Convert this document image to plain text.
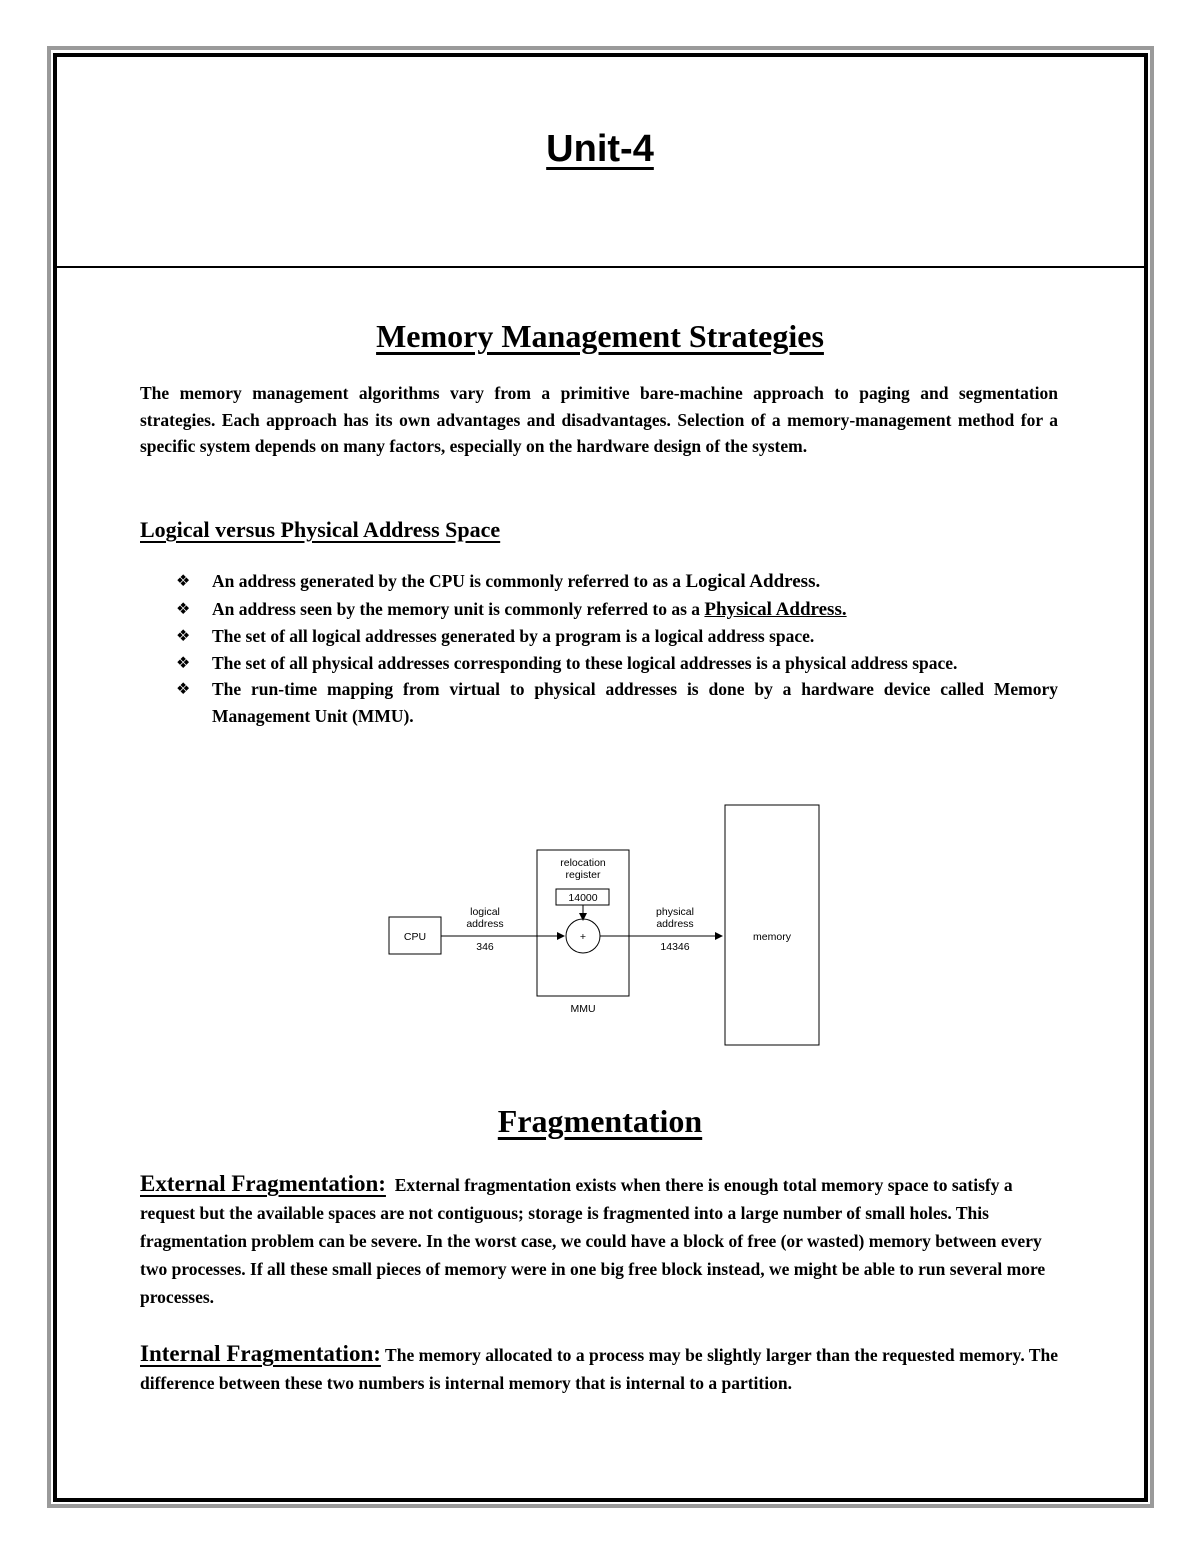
Unit-4
Memory Management Strategies
The memory management algorithms vary from a primitive bare-machine approach to paging and segmentation strategies. Each approach has its own advantages and disadvantages. Selection of a memory-management method for a specific system depends on many factors, especially on the hardware design of the system.
Logical versus Physical Address Space
❖ An address generated by the CPU is commonly referred to as a Logical Address.
❖ An address seen by the memory unit is commonly referred to as a Physical Address.
❖ The set of all logical addresses generated by a program is a logical address space.
❖ The set of all physical addresses corresponding to these logical addresses is a physical address space.
❖ The run-time mapping from virtual to physical addresses is done by a hardware device called Memory Management Unit (MMU).
CPU
relocation
register
14000
+
logical
address
346
physical
address
14346
memory
MMU
Fragmentation
External Fragmentation: External fragmentation exists when there is enough total memory space to satisfy a request but the available spaces are not contiguous; storage is fragmented into a large number of small holes. This fragmentation problem can be severe. In the worst case, we could have a block of free (or wasted) memory between every two processes. If all these small pieces of memory were in one big free block instead, we might be able to run several more processes.
Internal Fragmentation: The memory allocated to a process may be slightly larger than the requested memory. The difference between these two numbers is internal memory that is internal to a partition.
